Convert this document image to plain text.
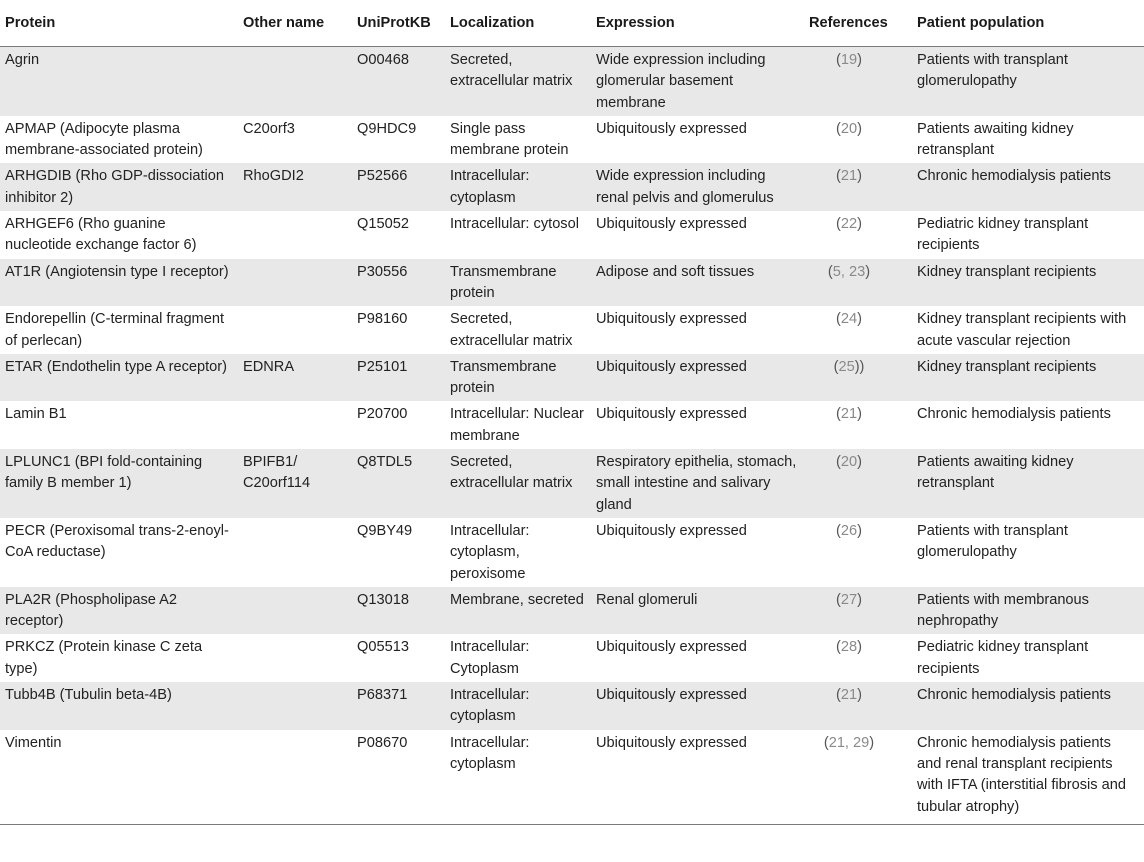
Protein	Other name	UniProtKB	Localization	Expression	References	Patient population
Agrin		O00468	Secreted, extracellular matrix	Wide expression including glomerular basement membrane	(19)	Patients with transplant glomerulopathy
APMAP (Adipocyte plasma membrane-associated protein)	C20orf3	Q9HDC9	Single pass membrane protein	Ubiquitously expressed	(20)	Patients awaiting kidney retransplant
ARHGDIB (Rho GDP-dissociation inhibitor 2)	RhoGDI2	P52566	Intracellular: cytoplasm	Wide expression including renal pelvis and glomerulus	(21)	Chronic hemodialysis patients
ARHGEF6 (Rho guanine nucleotide exchange factor 6)		Q15052	Intracellular: cytosol	Ubiquitously expressed	(22)	Pediatric kidney transplant recipients
AT1R (Angiotensin type I receptor)		P30556	Transmembrane protein	Adipose and soft tissues	(5, 23)	Kidney transplant recipients
Endorepellin (C-terminal fragment of perlecan)		P98160	Secreted, extracellular matrix	Ubiquitously expressed	(24)	Kidney transplant recipients with acute vascular rejection
ETAR (Endothelin type A receptor)	EDNRA	P25101	Transmembrane protein	Ubiquitously expressed	(25))	Kidney transplant recipients
Lamin B1		P20700	Intracellular: Nuclear membrane	Ubiquitously expressed	(21)	Chronic hemodialysis patients
LPLUNC1 (BPI fold-containing family B member 1)	BPIFB1/ C20orf114	Q8TDL5	Secreted, extracellular matrix	Respiratory epithelia, stomach, small intestine and salivary gland	(20)	Patients awaiting kidney retransplant
PECR (Peroxisomal trans-2-enoyl-CoA reductase)		Q9BY49	Intracellular: cytoplasm, peroxisome	Ubiquitously expressed	(26)	Patients with transplant glomerulopathy
PLA2R (Phospholipase A2 receptor)		Q13018	Membrane, secreted	Renal glomeruli	(27)	Patients with membranous nephropathy
PRKCZ (Protein kinase C zeta type)		Q05513	Intracellular: Cytoplasm	Ubiquitously expressed	(28)	Pediatric kidney transplant recipients
Tubb4B (Tubulin beta-4B)		P68371	Intracellular: cytoplasm	Ubiquitously expressed	(21)	Chronic hemodialysis patients
Vimentin		P08670	Intracellular: cytoplasm	Ubiquitously expressed	(21, 29)	Chronic hemodialysis patients and renal transplant recipients with IFTA (interstitial fibrosis and tubular atrophy)
